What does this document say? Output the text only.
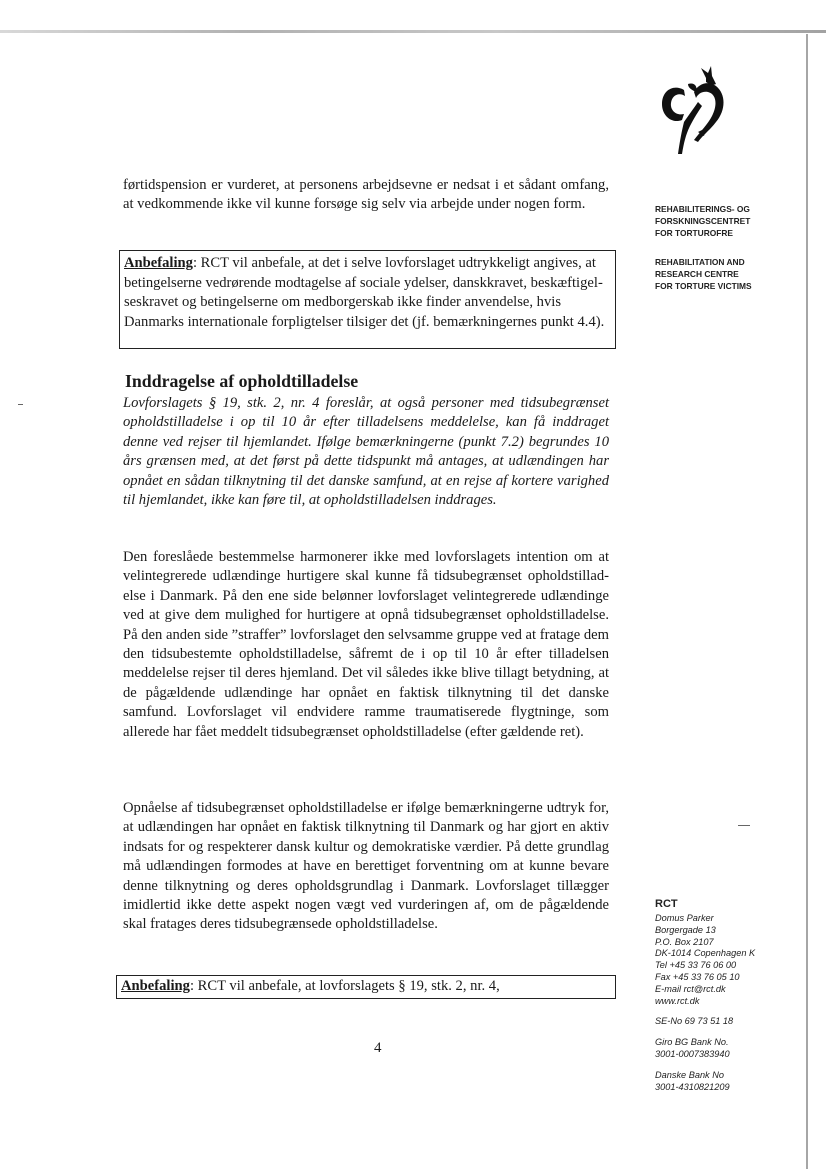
REHABILITERINGS- OG

FORSKNINGSCENTRET

FOR TORTUROFRE

REHABILITATION AND

RESEARCH CENTRE

FOR TORTURE VICTIMS

RCT

Domus Parker

Borgergade 13

P.O. Box 2107

DK-1014 Copenhagen K

Tel +45 33 76 06 00

Fax +45 33 76 05 10

E-mail rct@rct.dk

www.rct.dk

SE-No 69 73 51 18

Giro BG Bank No.

3001-0007383940

Danske Bank No

3001-4310821209

førtidspension er vurderet, at personens arbejdsevne er nedsat i et sådant omfang, at vedkommende ikke vil kunne forsøge sig selv via arbejde under nogen form.

Anbefaling: RCT vil anbefale, at det i selve lovforslaget udtrykkeligt angives, at betingelserne vedrørende modtagelse af sociale ydelser, danskkravet, beskæftigel-seskravet og betingelserne om medborgerskab ikke finder anvendelse, hvis Danmarks internationale forpligtelser tilsiger det (jf. bemærkningernes punkt 4.4).
Inddragelse af opholdtilladelse

Lovforslagets § 19, stk. 2, nr. 4 foreslår, at også personer med tidsubegrænset opholdstilladelse i op til 10 år efter tilladelsens meddelelse, kan få inddraget denne ved rejser til hjemlandet. Ifølge bemærkningerne (punkt 7.2) begrundes 10 års grænsen med, at det først på dette tidspunkt må antages, at udlændingen har opnået en sådan tilknytning til det danske samfund, at en rejse af kortere varighed til hjemlandet, ikke kan føre til, at opholdstilladelsen inddrages.

Den foreslåede bestemmelse harmonerer ikke med lovforslagets intention om at velintegrerede udlændinge hurtigere skal kunne få tidsubegrænset opholdstillad-else i Danmark. På den ene side belønner lovforslaget velintegrerede udlændinge ved at give dem mulighed for hurtigere at opnå tidsubegrænset opholdstilladelse. På den anden side ”straffer” lovforslaget den selvsamme gruppe ved at fratage dem den tidsubestemte opholdstilladelse, såfremt de i op til 10 år efter tilladelsen meddelelse rejser til deres hjemland. Det vil således ikke blive tillagt betydning, at de pågældende udlændinge har opnået en faktisk tilknytning til det danske samfund. Lovforslaget vil endvidere ramme traumatiserede flygtninge, som allerede har fået meddelt tidsubegrænset opholdstilladelse (efter gældende ret).

Opnåelse af tidsubegrænset opholdstilladelse er ifølge bemærkningerne udtryk for, at udlændingen har opnået en faktisk tilknytning til Danmark og har gjort en aktiv indsats for og respekterer dansk kultur og demokratiske værdier. På dette grundlag må udlændingen formodes at have en berettiget forventning om at kunne bevare denne tilknytning og deres opholdsgrundlag i Danmark. Lovforslaget tillægger imidlertid ikke dette aspekt nogen vægt ved vurderingen af, om de pågældende skal fratages deres tidsubegrænsede opholdstilladelse.

Anbefaling: RCT vil anbefale, at lovforslagets § 19, stk. 2, nr. 4,
4
